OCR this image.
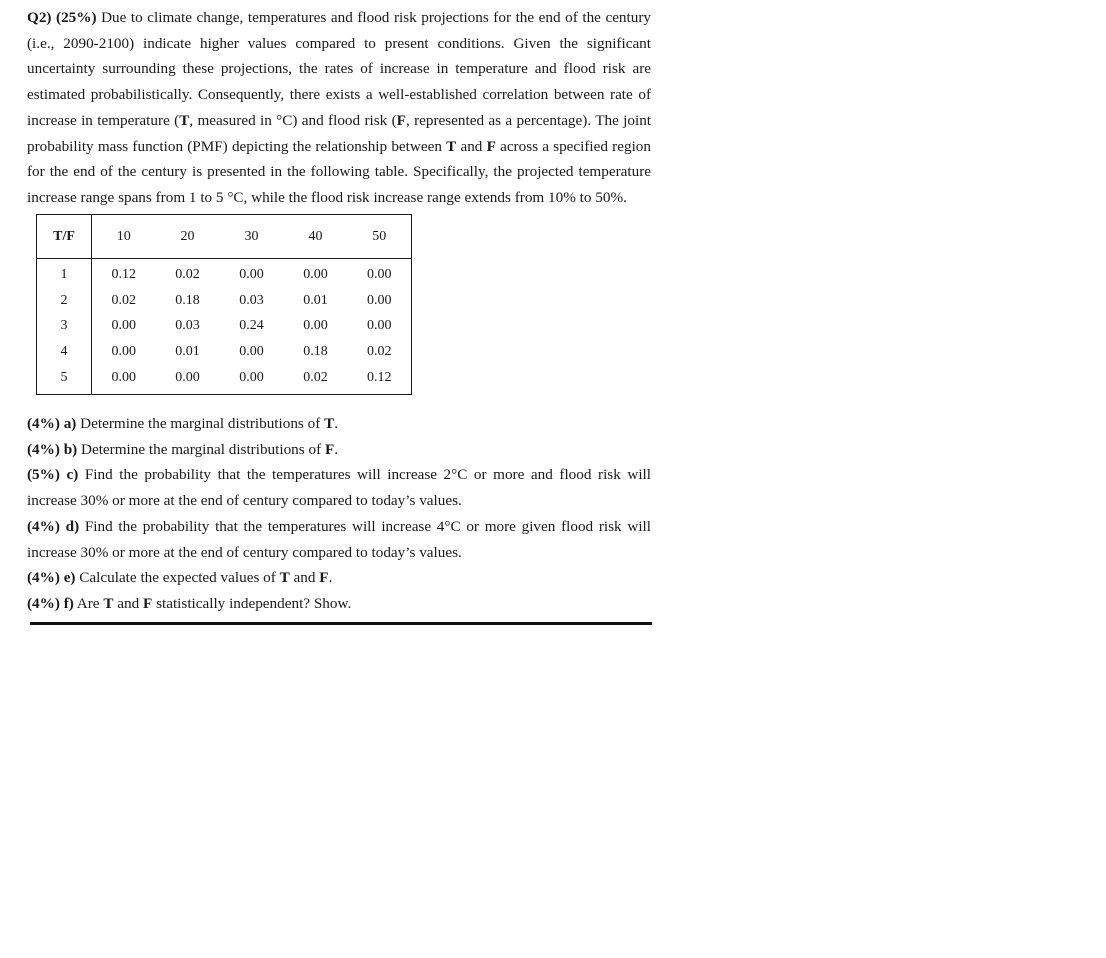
Q2) (25%) Due to climate change, temperatures and flood risk projections for the end of the century (i.e., 2090-2100) indicate higher values compared to present conditions. Given the significant uncertainty surrounding these projections, the rates of increase in temperature and flood risk are estimated probabilistically. Consequently, there exists a well-established correlation between rate of increase in temperature (T, measured in °C) and flood risk (F, represented as a percentage). The joint probability mass function (PMF) depicting the relationship between T and F across a specified region for the end of the century is presented in the following table. Specifically, the projected temperature increase range spans from 1 to 5 °C, while the flood risk increase range extends from 10% to 50%.

T/F	10	20	30	40	50
1	0.12	0.02	0.00	0.00	0.00
2	0.02	0.18	0.03	0.01	0.00
3	0.00	0.03	0.24	0.00	0.00
4	0.00	0.01	0.00	0.18	0.02
5	0.00	0.00	0.00	0.02	0.12

(4%) a) Determine the marginal distributions of T.

(4%) b) Determine the marginal distributions of F.

(5%) c) Find the probability that the temperatures will increase 2°C or more and flood risk will increase 30% or more at the end of century compared to today’s values.

(4%) d) Find the probability that the temperatures will increase 4°C or more given flood risk will increase 30% or more at the end of century compared to today’s values.

(4%) e) Calculate the expected values of T and F.

(4%) f) Are T and F statistically independent? Show.
